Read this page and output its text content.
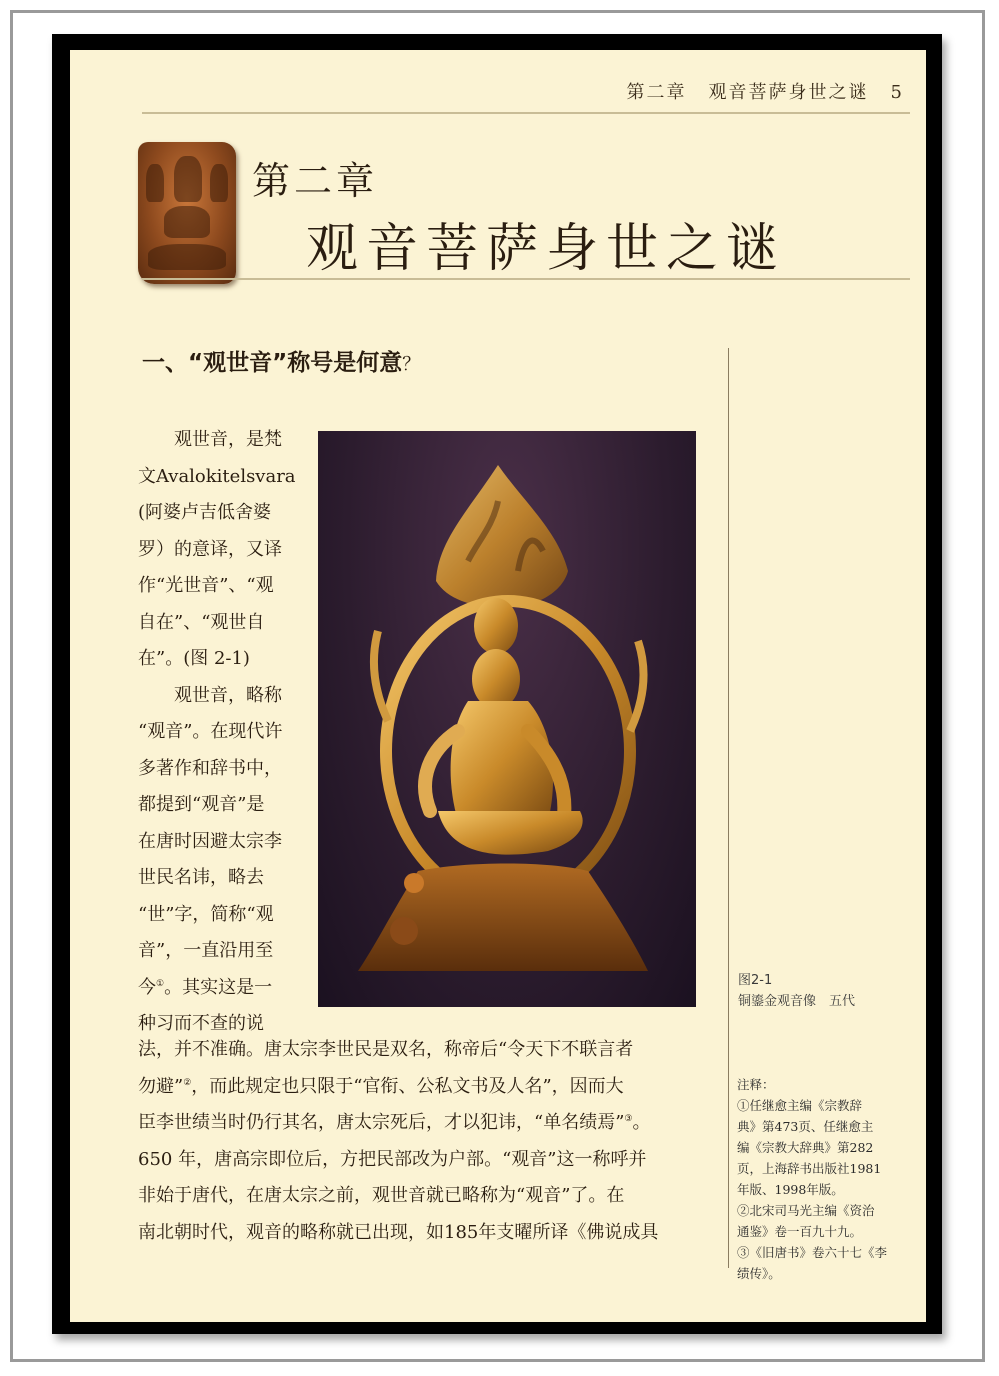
第二章 观音菩萨身世之谜 5
第二章
观音菩萨身世之谜
一、“观世音”称号是何意？
　　观世音，是梵
文Avalokitelsvara
(阿婆卢吉低舍婆
罗）的意译，又译
作“光世音”、“观
自在”、“观世自
在”。(图 2-1)
　　观世音，略称
“观音”。在现代许
多著作和辞书中，
都提到“观音”是
在唐时因避太宗李
世民名讳，略去
“世”字，简称“观
音”，一直沿用至
今①。其实这是一
种习而不查的说
图2-1
铜鎏金观音像　五代
法，并不准确。唐太宗李世民是双名，称帝后“令天下不联言者
勿避”②，而此规定也只限于“官衔、公私文书及人名”，因而大
臣李世绩当时仍行其名，唐太宗死后，才以犯讳，“单名绩焉”③。
650 年，唐高宗即位后，方把民部改为户部。“观音”这一称呼并
非始于唐代，在唐太宗之前，观世音就已略称为“观音”了。在
南北朝时代，观音的略称就已出现，如185年支曜所译《佛说成具
注释：
①任继愈主编《宗教辞
典》第473页、任继愈主
编《宗教大辞典》第282
页，上海辞书出版社1981
年版、1998年版。
②北宋司马光主编《资治
通鉴》卷一百九十九。
③《旧唐书》卷六十七《李
绩传》。
